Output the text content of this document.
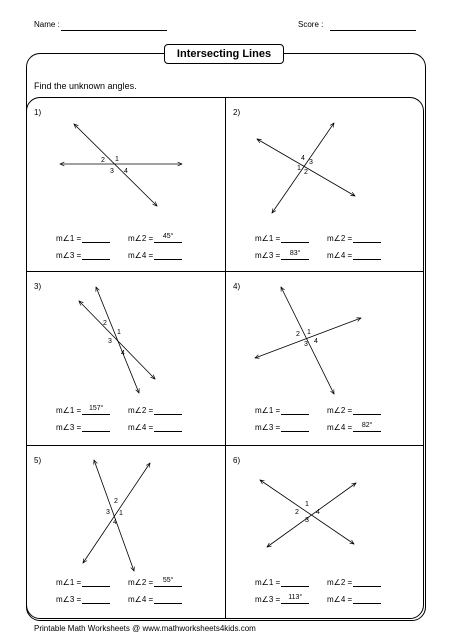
Name :	Score :
Intersecting Lines
Find the unknown angles.
1)	2)
3)	4)
5)	6)
1
2
3 4	1
2
3
4
1
2
3
4
1
2
3 4
1
2
3
4
1
2
3
4
m∠1 =	m∠2 = 45°
m∠3 =	m∠4 =
m∠1 =	m∠2 =
m∠3 = 83°	m∠4 =
m∠1 = 157°	m∠2 =
m∠3 =	m∠4 =
m∠1 =	m∠2 =
m∠3 =	m∠4 = 82°
m∠1 =	m∠2 = 55°
m∠3 =	m∠4 =
m∠1 =	m∠2 =
m∠3 = 113°	m∠4 =
Printable Math Worksheets @ www.mathworksheets4kids.com
